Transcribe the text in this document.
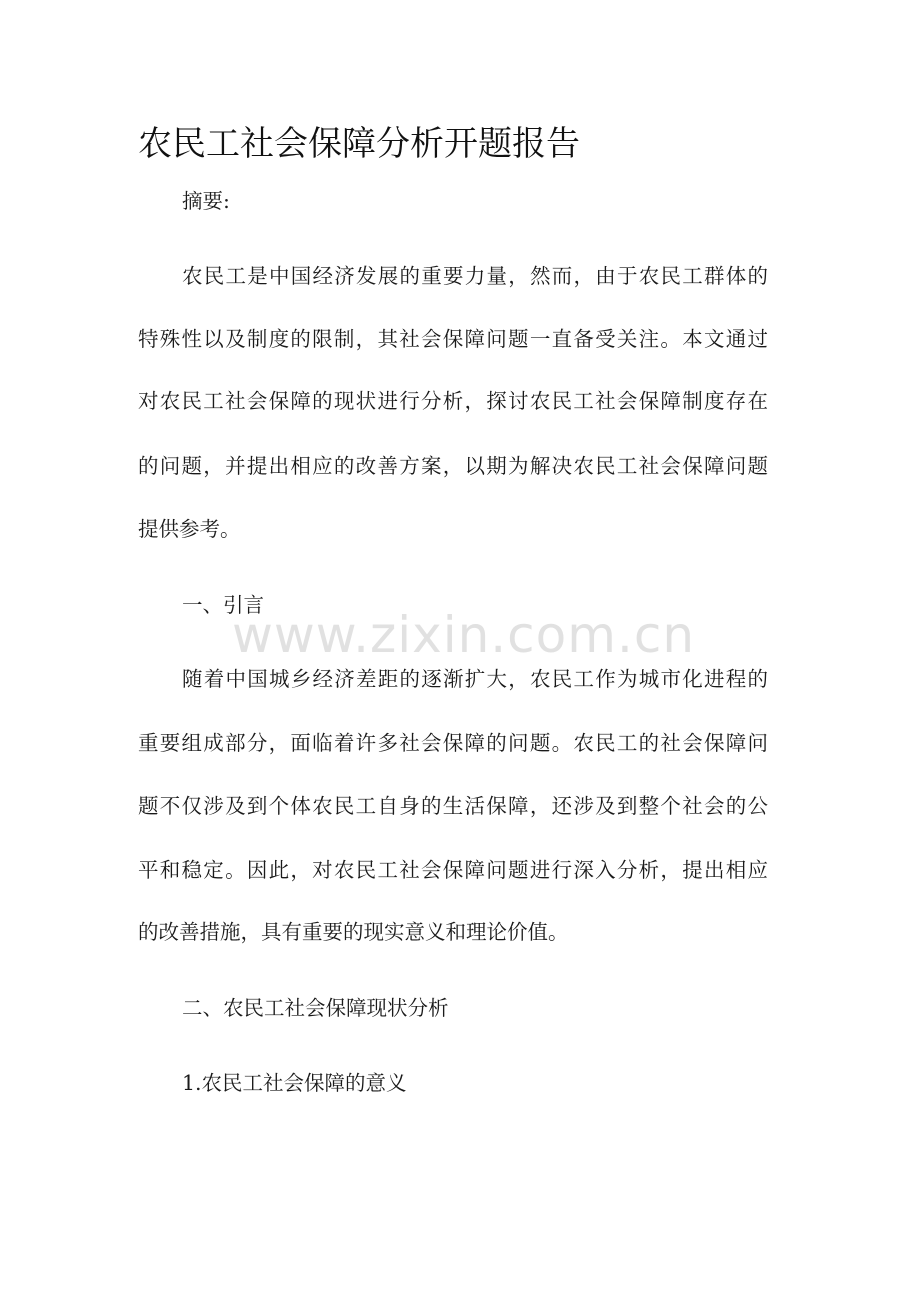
农民工社会保障分析开题报告

摘要:

农民工是中国经济发展的重要力量，然而，由于农民工群体的

特殊性以及制度的限制，其社会保障问题一直备受关注。本文通过

对农民工社会保障的现状进行分析，探讨农民工社会保障制度存在

的问题，并提出相应的改善方案，以期为解决农民工社会保障问题

提供参考。

一、引言

随着中国城乡经济差距的逐渐扩大，农民工作为城市化进程的

重要组成部分，面临着许多社会保障的问题。农民工的社会保障问

题不仅涉及到个体农民工自身的生活保障，还涉及到整个社会的公

平和稳定。因此，对农民工社会保障问题进行深入分析，提出相应

的改善措施，具有重要的现实意义和理论价值。

二、农民工社会保障现状分析

1.农民工社会保障的意义

www.zixin.com.cn
